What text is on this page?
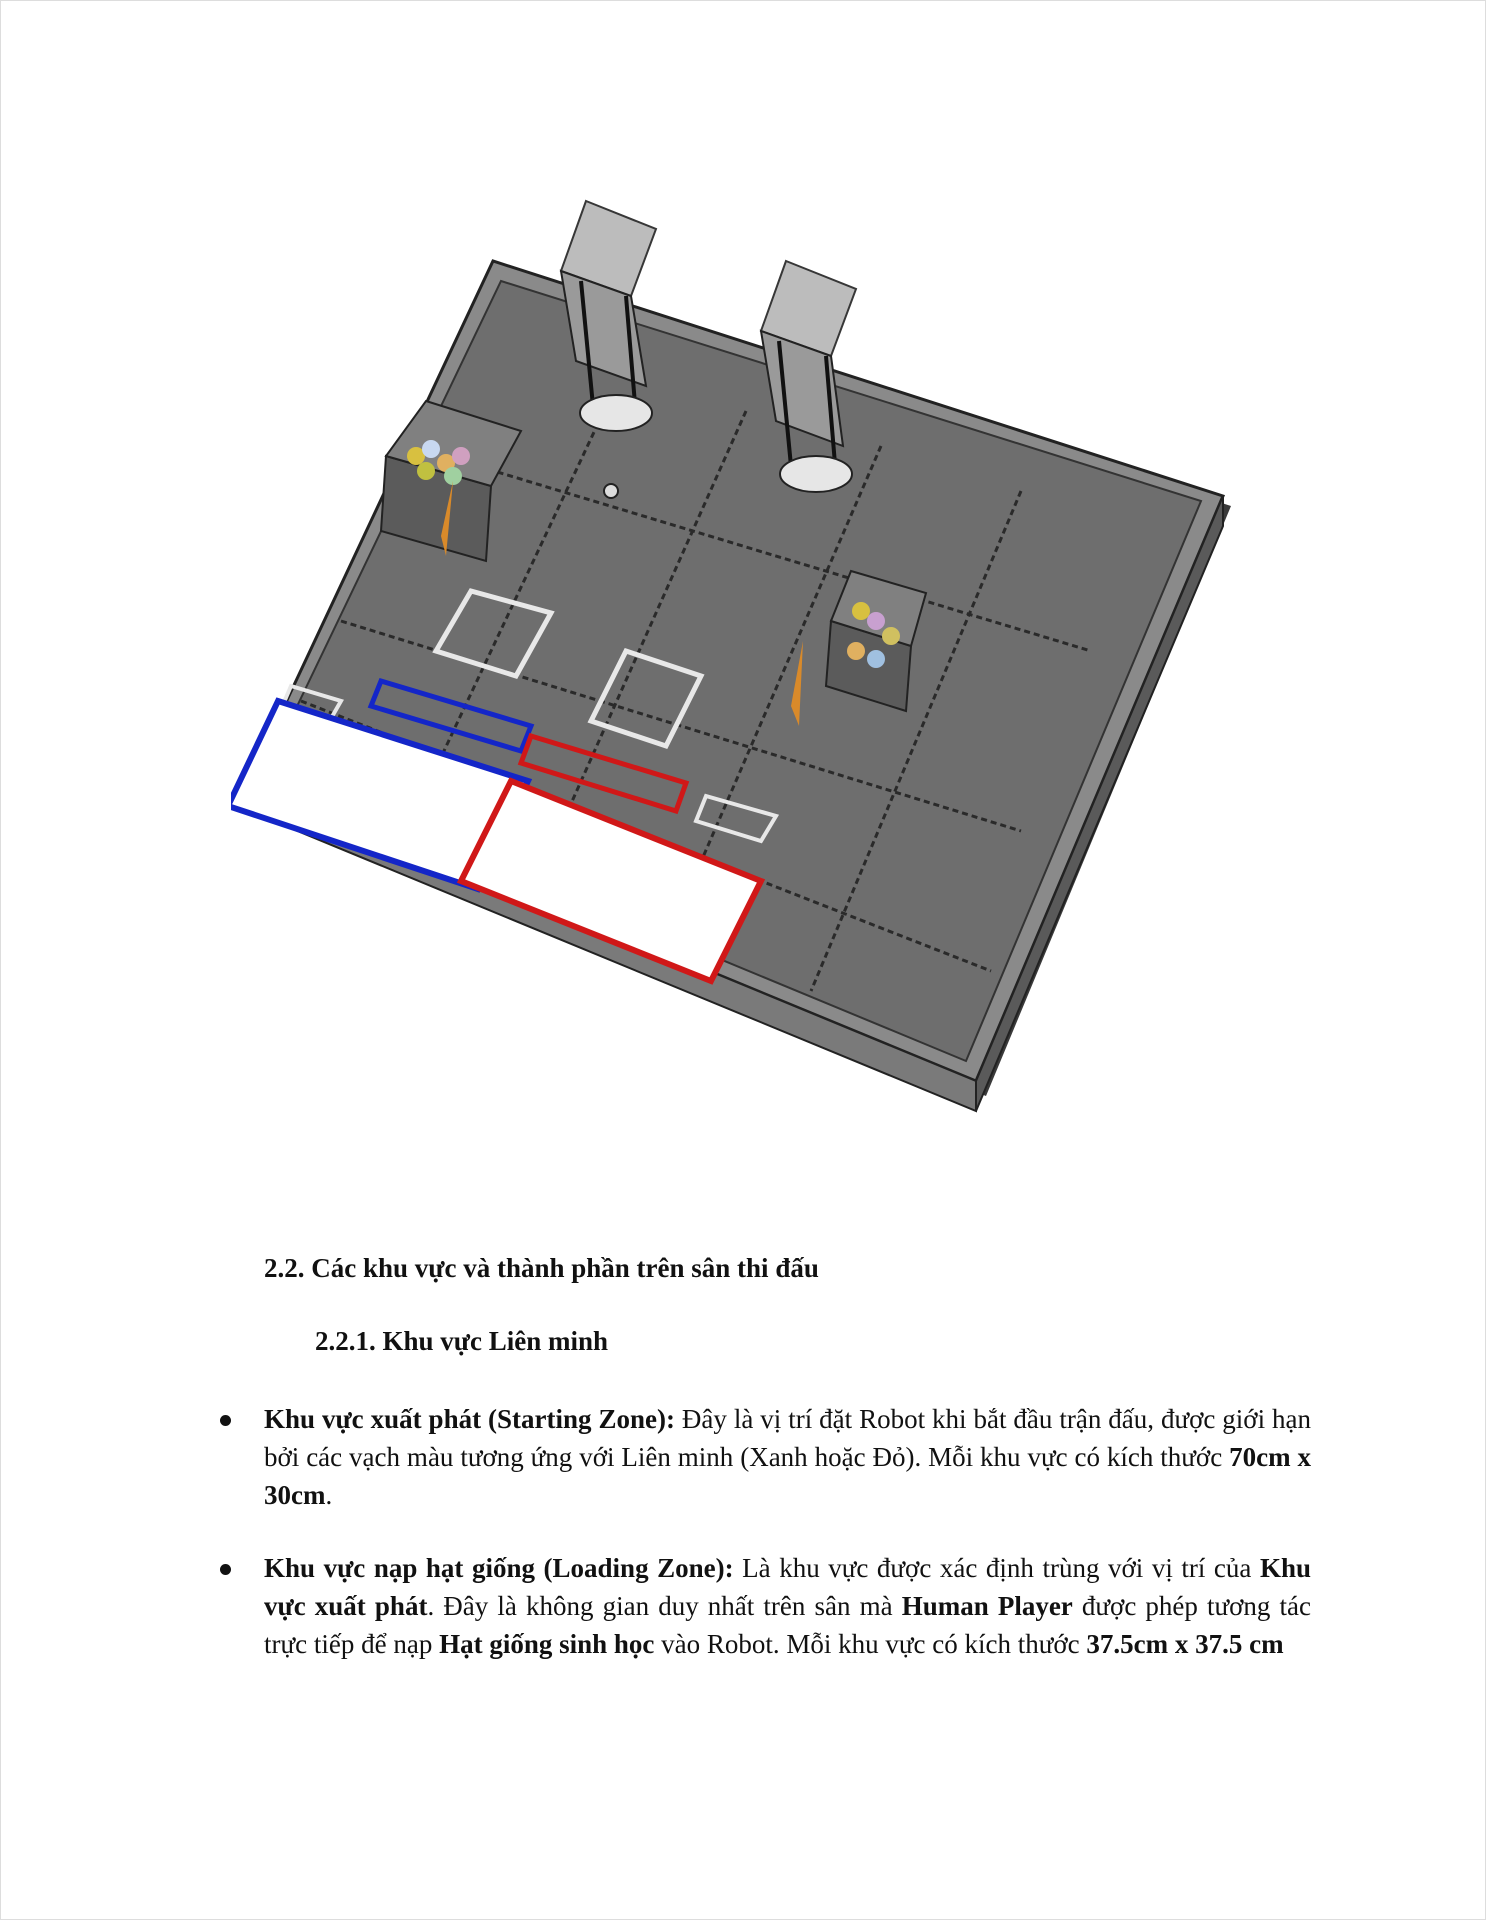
2.2. Các khu vực và thành phần trên sân thi đấu
2.2.1. Khu vực Liên minh
Khu vực xuất phát (Starting Zone): Đây là vị trí đặt Robot khi bắt đầu trận đấu, được giới hạn bởi các vạch màu tương ứng với Liên minh (Xanh hoặc Đỏ). Mỗi khu vực có kích thước 70cm x 30cm.
Khu vực nạp hạt giống (Loading Zone): Là khu vực được xác định trùng với vị trí của Khu vực xuất phát. Đây là không gian duy nhất trên sân mà Human Player được phép tương tác trực tiếp để nạp Hạt giống sinh học vào Robot. Mỗi khu vực có kích thước 37.5cm x 37.5 cm
